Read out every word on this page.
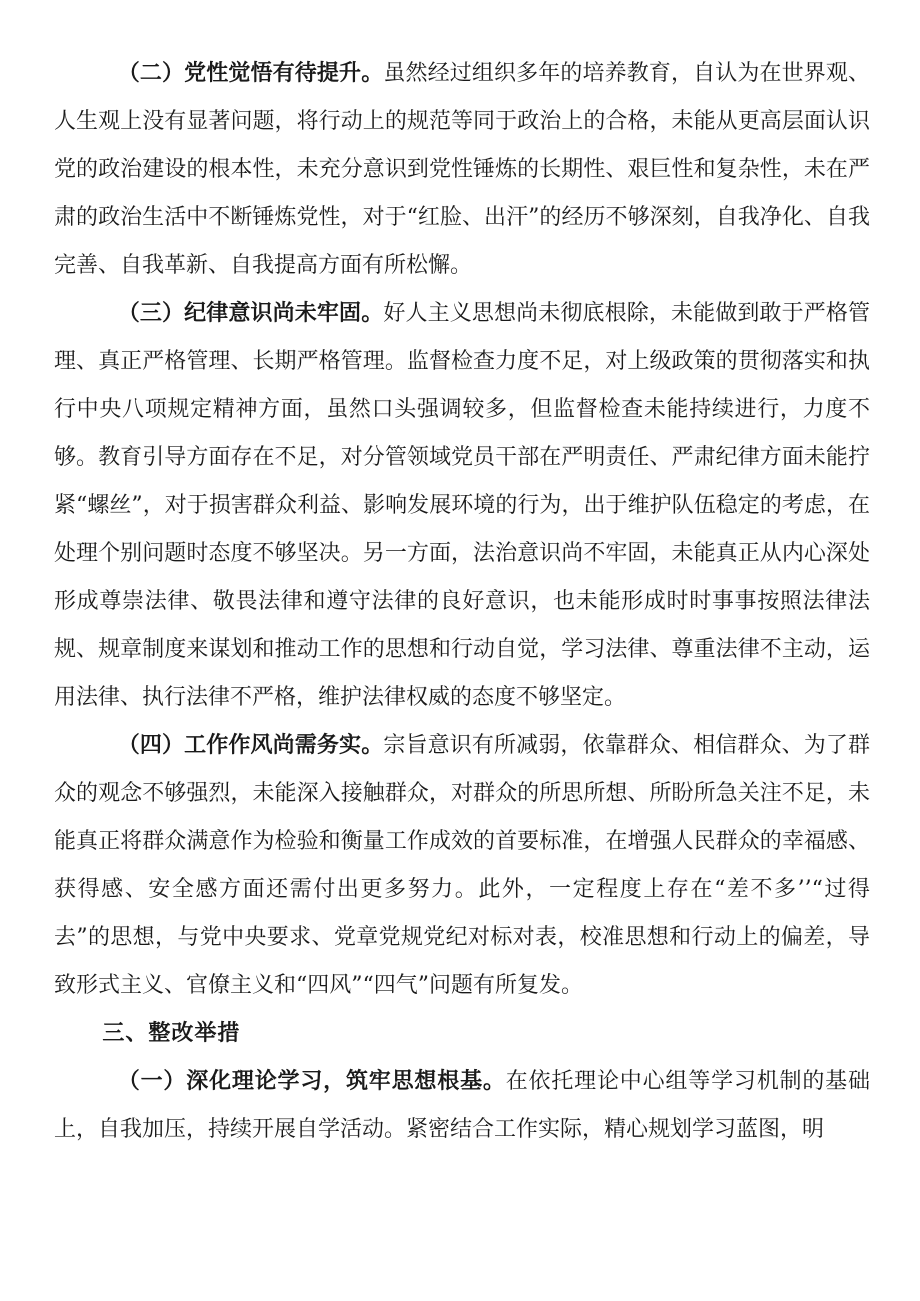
（二）党性觉悟有待提升。虽然经过组织多年的培养教育，自认为在世界观、人生观上没有显著问题，将行动上的规范等同于政治上的合格，未能从更高层面认识党的政治建设的根本性，未充分意识到党性锤炼的长期性、艰巨性和复杂性，未在严肃的政治生活中不断锤炼党性，对于“红脸、出汗”的经历不够深刻，自我净化、自我完善、自我革新、自我提高方面有所松懈。

（三）纪律意识尚未牢固。好人主义思想尚未彻底根除，未能做到敢于严格管理、真正严格管理、长期严格管理。监督检查力度不足，对上级政策的贯彻落实和执行中央八项规定精神方面，虽然口头强调较多，但监督检查未能持续进行，力度不够。教育引导方面存在不足，对分管领域党员干部在严明责任、严肃纪律方面未能拧紧“螺丝”，对于损害群众利益、影响发展环境的行为，出于维护队伍稳定的考虑，在处理个别问题时态度不够坚决。另一方面，法治意识尚不牢固，未能真正从内心深处形成尊崇法律、敬畏法律和遵守法律的良好意识，也未能形成时时事事按照法律法规、规章制度来谋划和推动工作的思想和行动自觉，学习法律、尊重法律不主动，运用法律、执行法律不严格，维护法律权威的态度不够坚定。

（四）工作作风尚需务实。宗旨意识有所减弱，依靠群众、相信群众、为了群众的观念不够强烈，未能深入接触群众，对群众的所思所想、所盼所急关注不足，未能真正将群众满意作为检验和衡量工作成效的首要标准，在增强人民群众的幸福感、获得感、安全感方面还需付出更多努力。此外，一定程度上存在“差不多’’“过得去”的思想，与党中央要求、党章党规党纪对标对表，校准思想和行动上的偏差，导致形式主义、官僚主义和“四风”“四气”问题有所复发。

三、整改举措

（一）深化理论学习，筑牢思想根基。在依托理论中心组等学习机制的基础上，自我加压，持续开展自学活动。紧密结合工作实际，精心规划学习蓝图，明
